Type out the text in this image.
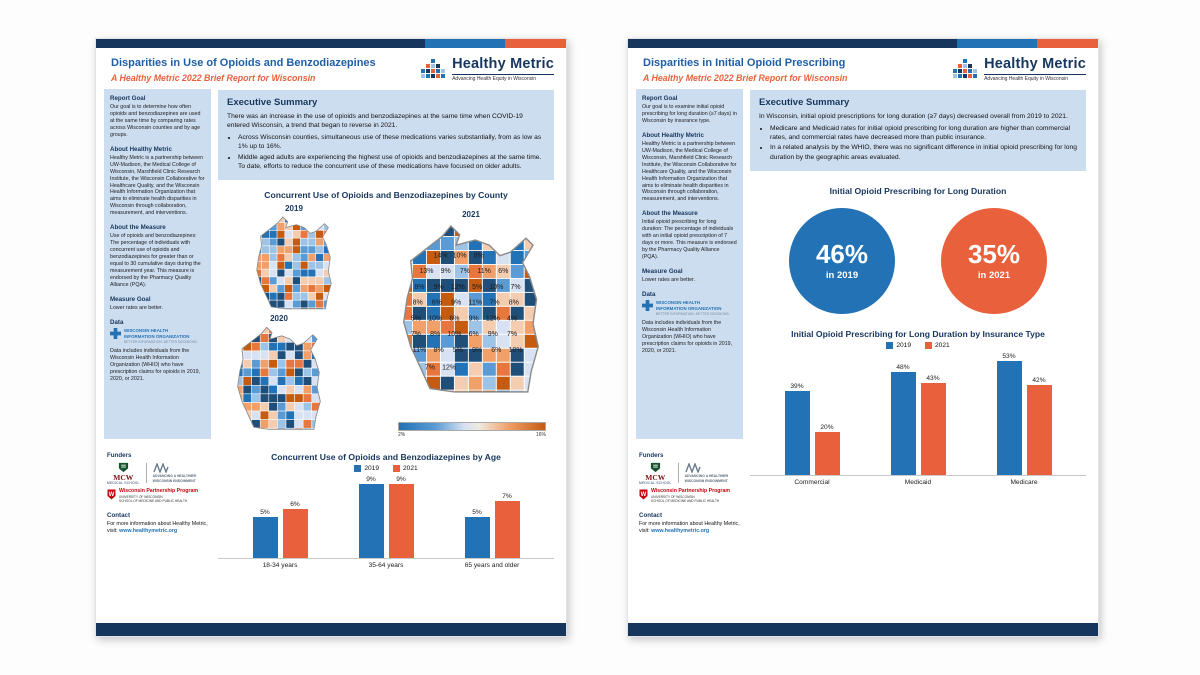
Disparities in Use of Opioids and Benzodiazepines
A Healthy Metric 2022 Brief Report for Wisconsin
Healthy Metric
Advancing Health Equity in Wisconsin
Report Goal

Our goal is to determine how often opioids and benzodiazepines are used at the same time by comparing rates across Wisconsin counties and by age groups.

About Healthy Metric

Healthy Metric is a partnership between UW-Madison, the Medical College of Wisconsin, Marshfield Clinic Research Institute, the Wisconsin Collaborative for Healthcare Quality, and the Wisconsin Health Information Organization that aims to eliminate health disparities in Wisconsin through collaboration, measurement, and interventions.

About the Measure

Use of opioids and benzodiazepines: The percentage of individuals with concurrent use of opioids and benzodiazepines for greater than or equal to 30 cumulative days during the measurement year. This measure is endorsed by the Pharmacy Quality Alliance (PQA).

Measure Goal

Lower rates are better.

Data
WISCONSIN HEALTH
INFORMATION ORGANIZATION
BETTER INFORMATION. BETTER DECISIONS.

Data includes individuals from the Wisconsin Health Information Organization (WHIO) who have prescription claims for opioids in 2019, 2020, or 2021.

Funders
MCW
MEDICAL SCHOOL
ADVANCING A HEALTHIER
WISCONSIN ENDOWMENT
W
Wisconsin Partnership Program
UNIVERSITY OF WISCONSIN
SCHOOL OF MEDICINE AND PUBLIC HEALTH
Contact

For more information about Healthy Metric, visit: www.healthymetric.org

Executive Summary

There was an increase in the use of opioids and benzodiazepines at the same time when COVID-19 entered Wisconsin, a trend that began to reverse in 2021.

• Across Wisconsin counties, simultaneous use of these medications varies substantially, from as low as 1% up to 16%.
• Middle aged adults are experiencing the highest use of opioids and benzodiazepines at the same time. To date, efforts to reduce the concurrent use of these medications have focused on older adults.
Concurrent Use of Opioids and Benzodiazepines by County
2019
2021
14% 10% 8%
13% 9% 7% 11% 6%
8% 9% 12% 5% 10% 7%
8% 6% 9% 11% 7% 8%
5% 10% 6% 9% 12% 4%
7% 8% 10% 6% 9% 7%
11% 8% 5% 9% 6% 10%
7% 12%
2020
2%	16%
Concurrent Use of Opioids and Benzodiazepines by Age
2019	2021
5%
6%
9%	9%
5%
7%
18-34 years	35-64 years	65 years and older
Disparities in Initial Opioid Prescribing
A Healthy Metric 2022 Brief Report for Wisconsin
Healthy Metric
Advancing Health Equity in Wisconsin
Report Goal

Our goal is to examine initial opioid prescribing for long duration (≥7 days) in Wisconsin by insurance type.

About Healthy Metric

Healthy Metric is a partnership between UW-Madison, the Medical College of Wisconsin, Marshfield Clinic Research Institute, the Wisconsin Collaborative for Healthcare Quality, and the Wisconsin Health Information Organization that aims to eliminate health disparities in Wisconsin through collaboration, measurement, and interventions.

About the Measure

Initial opioid prescribing for long duration: The percentage of individuals with an initial opioid prescription of 7 days or more. This measure is endorsed by the Pharmacy Quality Alliance (PQA).

Measure Goal

Lower rates are better.

Data
WISCONSIN HEALTH
INFORMATION ORGANIZATION
BETTER INFORMATION. BETTER DECISIONS.

Data includes individuals from the Wisconsin Health Information Organization (WHIO) who have prescription claims for opioids in 2019, 2020, or 2021.

Funders
MCW
MEDICAL SCHOOL
ADVANCING A HEALTHIER
WISCONSIN ENDOWMENT
W
Wisconsin Partnership Program
UNIVERSITY OF WISCONSIN
SCHOOL OF MEDICINE AND PUBLIC HEALTH
Contact

For more information about Healthy Metric, visit: www.healthymetric.org

Executive Summary

In Wisconsin, initial opioid prescriptions for long duration (≥7 days) decreased overall from 2019 to 2021.

• Medicare and Medicaid rates for initial opioid prescribing for long duration are higher than commercial rates, and commercial rates have decreased more than public insurance.
• In a related analysis by the WHIO, there was no significant difference in initial opioid prescribing for long duration by the geographic areas evaluated.
Initial Opioid Prescribing for Long Duration
46%
in 2019
35%
in 2021
Initial Opioid Prescribing for Long Duration by Insurance Type
2019	2021
39%
20%
48%
43%
53%
42%
Commercial	Medicaid	Medicare
